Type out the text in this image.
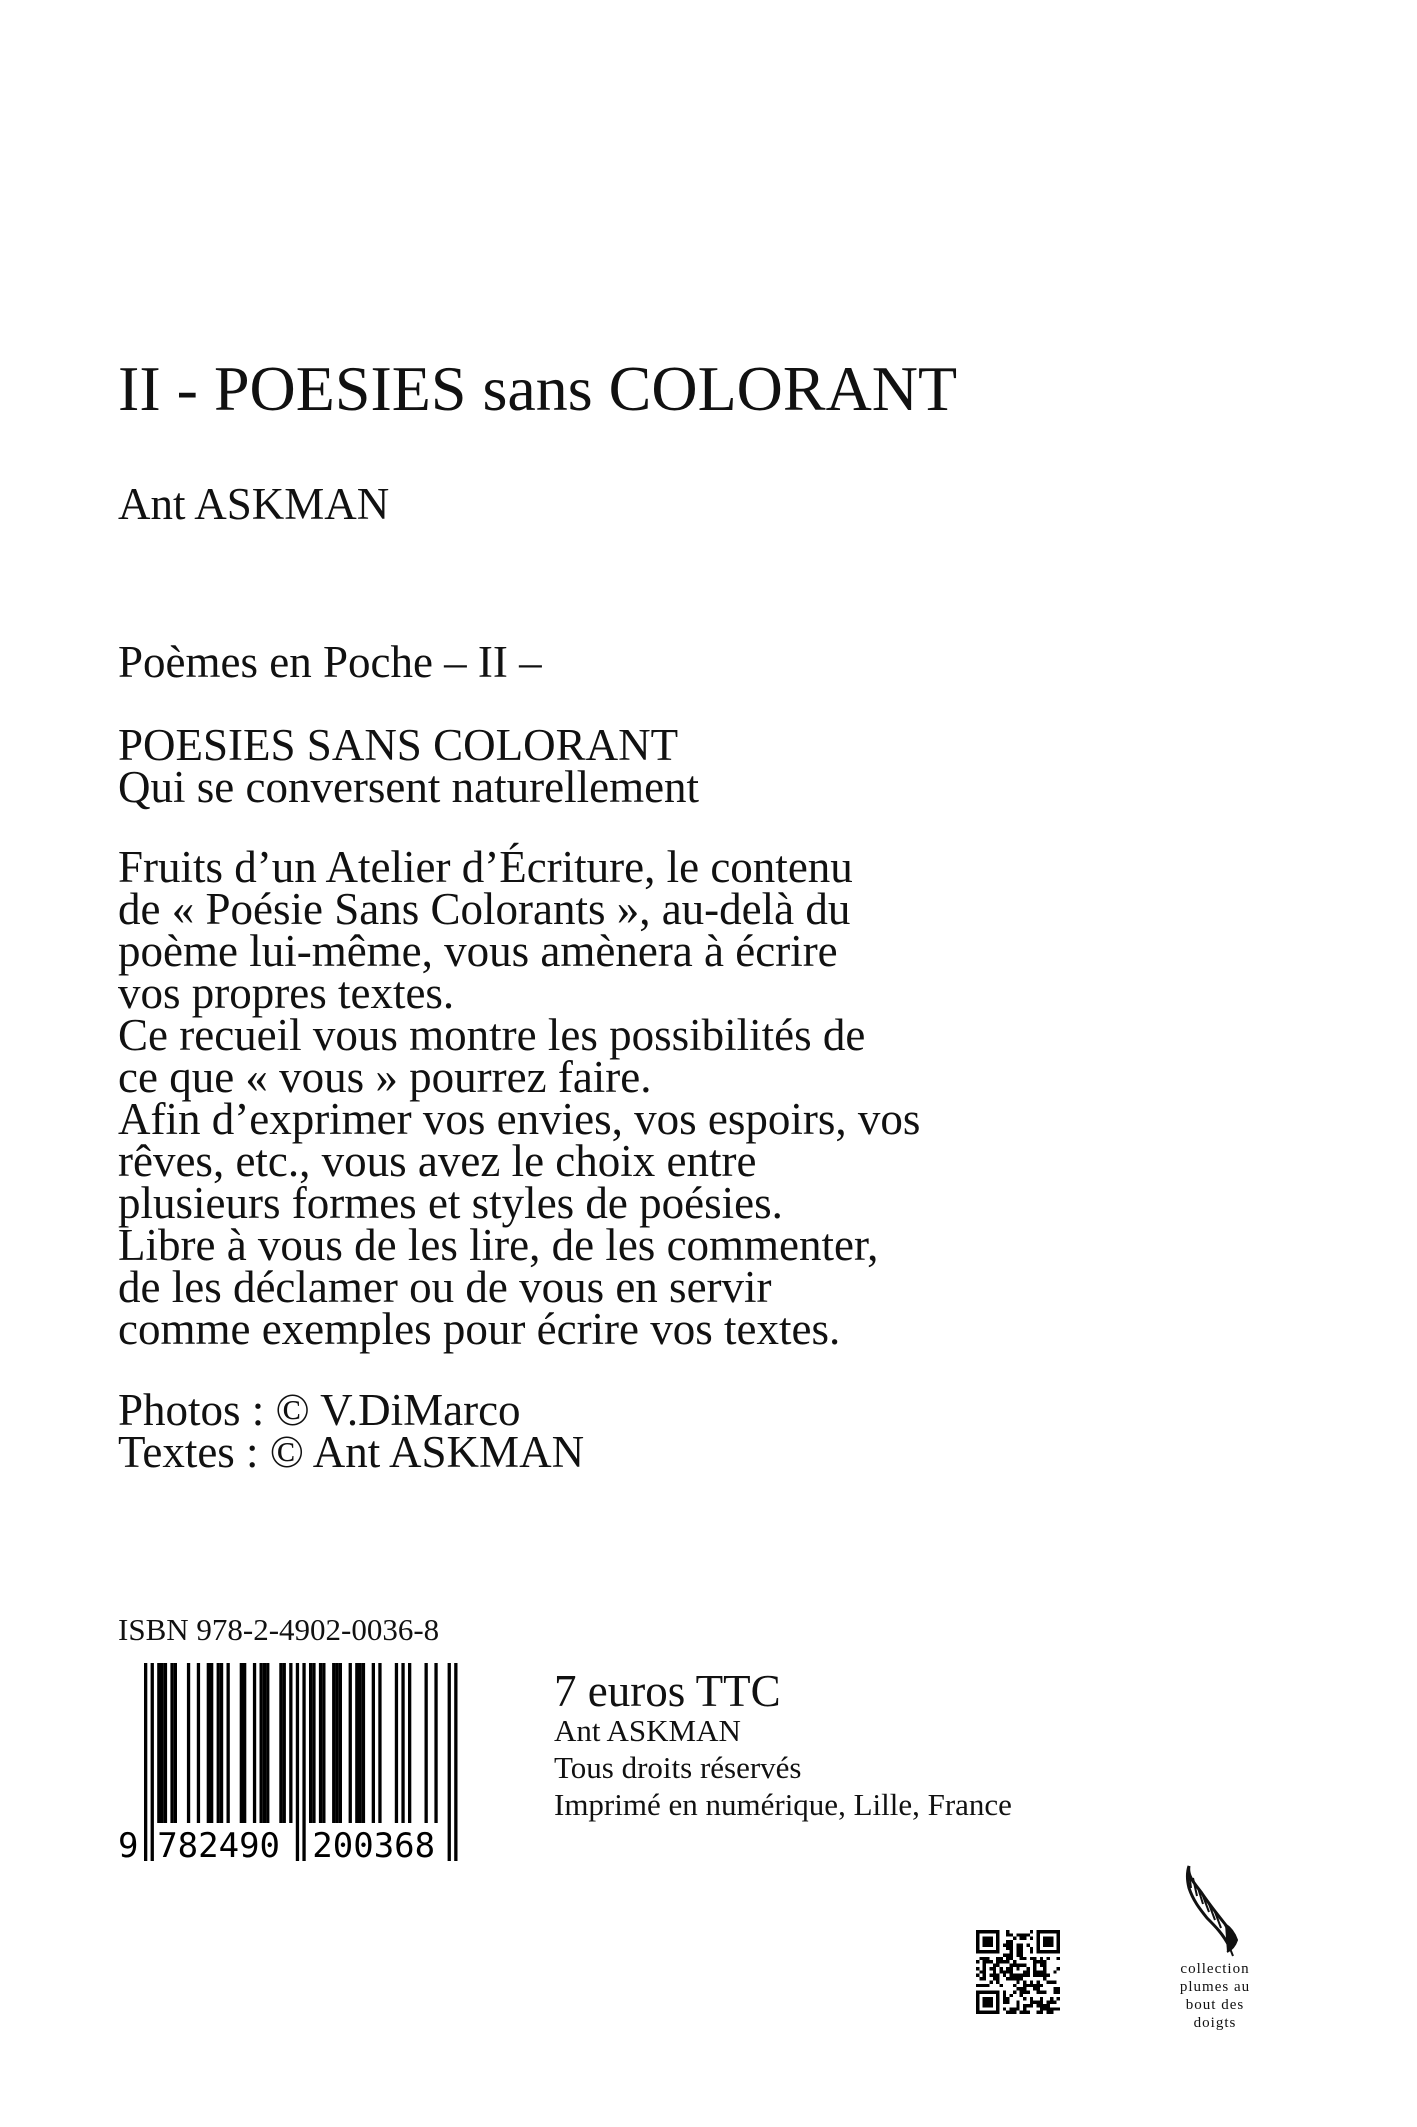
II - POESIES sans COLORANT
Ant ASKMAN
Poèmes en Poche – II –
POESIES SANS COLORANT
Qui se conversent naturellement
Fruits d’un Atelier d’Écriture, le contenu
de « Poésie Sans Colorants », au-delà du
poème lui-même, vous amènera à écrire
vos propres textes.
Ce recueil vous montre les possibilités de
ce que « vous » pourrez faire.
Afin d’exprimer vos envies, vos espoirs, vos
rêves, etc., vous avez le choix entre
plusieurs formes et styles de poésies.
Libre à vous de les lire, de les commenter,
de les déclamer ou de vous en servir
comme exemples pour écrire vos textes.
Photos : © V.DiMarco
Textes : © Ant ASKMAN
ISBN 978-2-4902-0036-8
9 782490 200368
7 euros TTC
Ant ASKMAN
Tous droits réservés
Imprimé en numérique, Lille, France
collection
plumes au
bout des
doigts
